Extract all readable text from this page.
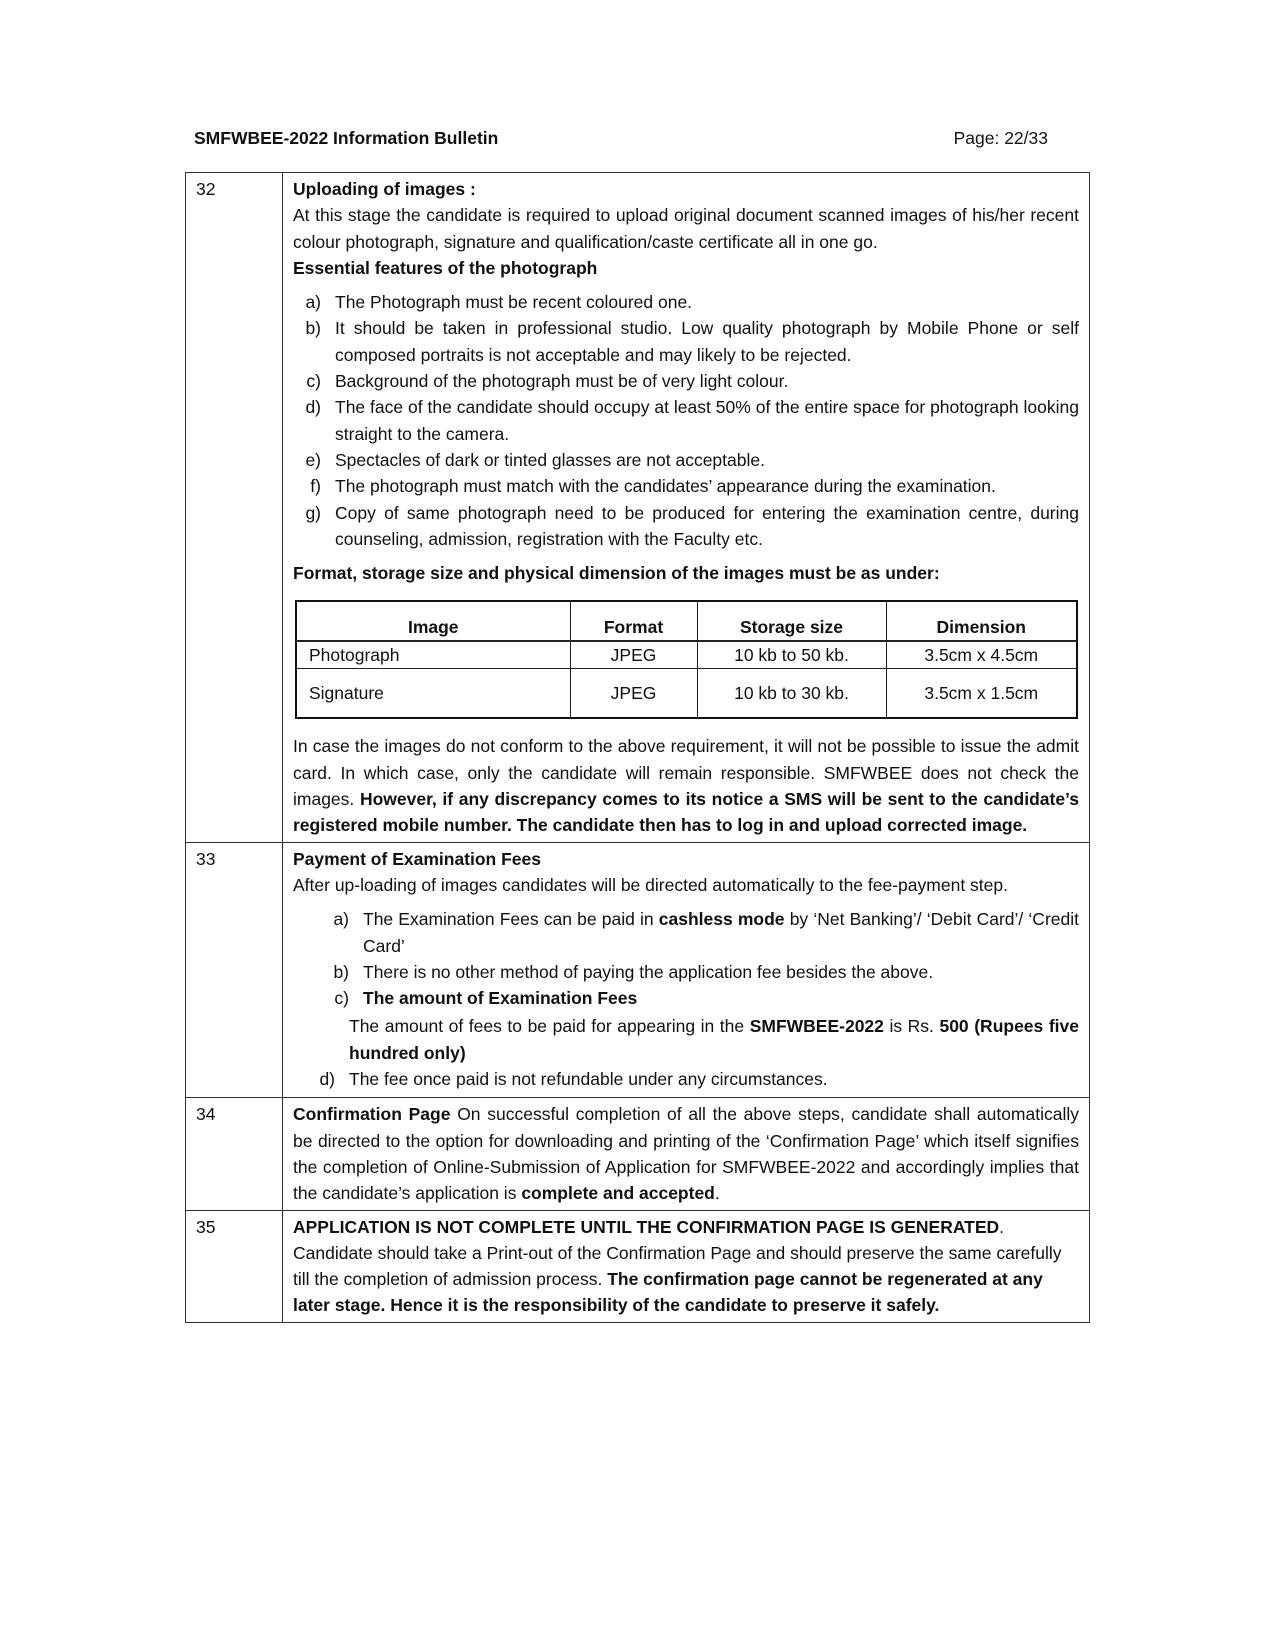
SMFWBEE-2022 Information Bulletin	Page: 22/33
32	Uploading of images :
At this stage the candidate is required to upload original document scanned images of his/her recent colour photograph, signature and qualification/caste certificate all in one go.
Essential features of the photograph
a) The Photograph must be recent coloured one.
b) It should be taken in professional studio. Low quality photograph by Mobile Phone or self composed portraits is not acceptable and may likely to be rejected.
c) Background of the photograph must be of very light colour.
d) The face of the candidate should occupy at least 50% of the entire space for photograph looking straight to the camera.
e) Spectacles of dark or tinted glasses are not acceptable.
f) The photograph must match with the candidates’ appearance during the examination.
g) Copy of same photograph need to be produced for entering the examination centre, during counseling, admission, registration with the Faculty etc.
Format, storage size and physical dimension of the images must be as under:
Image	Format	Storage size	Dimension
Photograph	JPEG	10 kb to 50 kb.	3.5cm x 4.5cm
Signature	JPEG	10 kb to 30 kb.	3.5cm x 1.5cm
In case the images do not conform to the above requirement, it will not be possible to issue the admit card. In which case, only the candidate will remain responsible. SMFWBEE does not check the images. However, if any discrepancy comes to its notice a SMS will be sent to the candidate’s registered mobile number. The candidate then has to log in and upload corrected image.

33	Payment of Examination Fees
After up-loading of images candidates will be directed automatically to the fee-payment step.
a) The Examination Fees can be paid in cashless mode by ‘Net Banking’/ ‘Debit Card’/ ‘Credit Card’
b) There is no other method of paying the application fee besides the above.
c) The amount of Examination Fees
The amount of fees to be paid for appearing in the SMFWBEE-2022 is Rs. 500 (Rupees five hundred only)
d) The fee once paid is not refundable under any circumstances.

34	Confirmation Page On successful completion of all the above steps, candidate shall automatically be directed to the option for downloading and printing of the ‘Confirmation Page’ which itself signifies the completion of Online-Submission of Application for SMFWBEE-2022 and accordingly implies that the candidate’s application is complete and accepted.
35	APPLICATION IS NOT COMPLETE UNTIL THE CONFIRMATION PAGE IS GENERATED. Candidate should take a Print-out of the Confirmation Page and should preserve the same carefully till the completion of admission process. The confirmation page cannot be regenerated at any later stage. Hence it is the responsibility of the candidate to preserve it safely.
